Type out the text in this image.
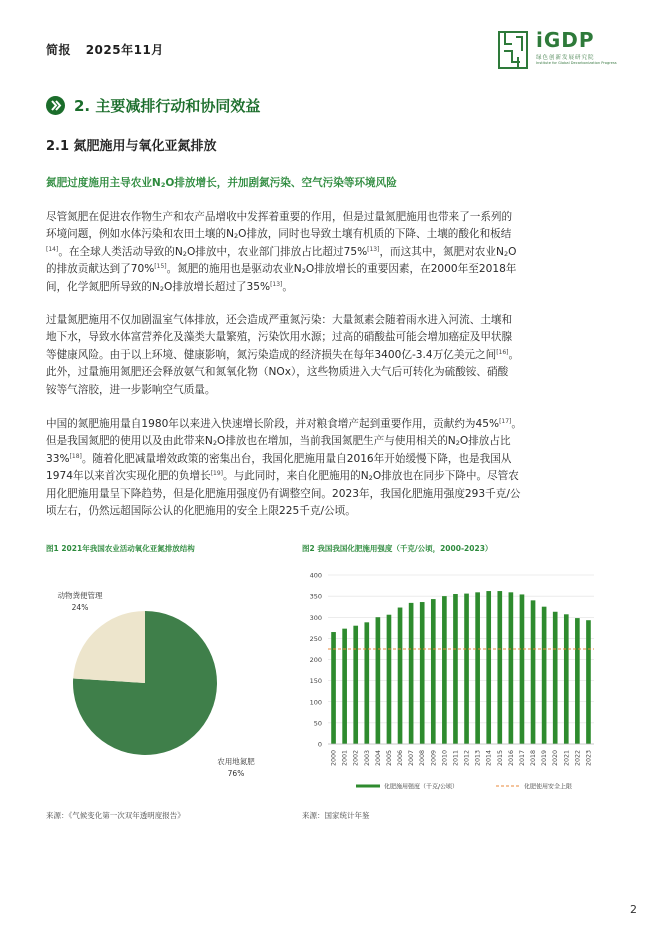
简报 2025年11月	iGDP
绿色创新发展研究院
Institute for Global Decarbonization Progress
2. 主要减排行动和协同效益
2.1 氮肥施用与氧化亚氮排放
氮肥过度施用主导农业$N_2O$排放增长，并加剧氮污染、空气污染等环境风险
尽管氮肥在促进农作物生产和农产品增收中发挥着重要的作用，但是过量氮肥施用也带来了一系列的
环境问题，例如水体污染和农田土壤的$N_2O$排放，同时也导致土壤有机质的下降、土壤的酸化和板结
[14]。在全球人类活动导致的$N_2O$排放中，农业部门排放占比超过75%[13]，而这其中，氮肥对农业$N_2O$
的排放贡献达到了70%[15]。氮肥的施用也是驱动农业$N_2O$排放增长的重要因素，在2000年至2018年
间，化学氮肥所导致的$N_2O$排放增长超过了35%[13]。
过量氮肥施用不仅加剧温室气体排放，还会造成严重氮污染：大量氮素会随着雨水进入河流、土壤和
地下水，导致水体富营养化及藻类大量繁殖，污染饮用水源；过高的硝酸盐可能会增加癌症及甲状腺
等健康风险。由于以上环境、健康影响，氮污染造成的经济损失在每年3400亿-3.4万亿美元之间[16]。
此外，过量施用氮肥还会释放氨气和氮氧化物（NOx），这些物质进入大气后可转化为硫酸铵、硝酸
铵等气溶胶，进一步影响空气质量。
中国的氮肥施用量自1980年以来进入快速增长阶段，并对粮食增产起到重要作用，贡献约为45%[17]。
但是我国氮肥的使用以及由此带来$N_2O$排放也在增加，当前我国氮肥生产与使用相关的$N_2O$排放占比
33%[18]。随着化肥减量增效政策的密集出台，我国化肥施用量自2016年开始缓慢下降，也是我国从
1974年以来首次实现化肥的负增长[19]。与此同时，来自化肥施用的$N_2O$排放也在同步下降中。尽管农
用化肥施用量呈下降趋势，但是化肥施用强度仍有调整空间。2023年，我国化肥施用强度293千克/公
顷左右，仍然远超国际公认的化肥施用的安全上限225千克/公顷。
图1 2021年我国农业活动氧化亚氮排放结构	图2 我国我国化肥施用强度（千克/公顷，2000-2023）
农用地氮肥
76%
动物粪便管理
24%
0
50
100
150
200
250
300
350
400
2000 2001 2002 2003 2004 2005 2006 2007 2008 2009 2010 2011 2012 2013 2014 2015 2016 2017 2018 2019 2020 2021 2022 2023
化肥施用强度（千克/公顷）	化肥使用安全上限
来源：《气候变化第一次双年透明度报告》	来源：国家统计年鉴
2
